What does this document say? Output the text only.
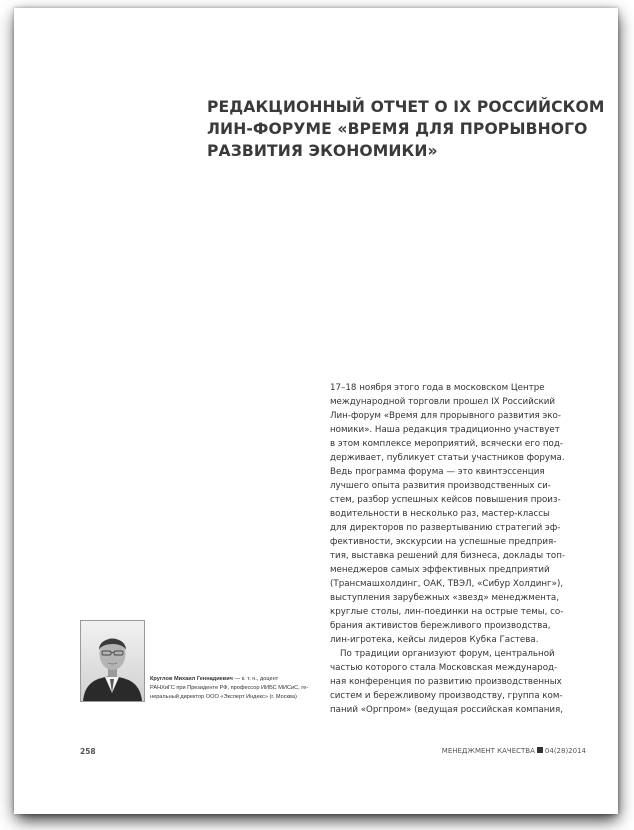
РЕДАКЦИОННЫЙ ОТЧЕТ О IX РОССИЙСКОМ
ЛИН-ФОРУМЕ «ВРЕМЯ ДЛЯ ПРОРЫВНОГО
РАЗВИТИЯ ЭКОНОМИКИ»
17–18 ноября этого года в московском Центре
международной торговли прошел IX Российский
Лин-форум «Время для прорывного развития эко-
номики». Наша редакция традиционно участвует
в этом комплексе мероприятий, всячески его под-
держивает, публикует статьи участников форума.
Ведь программа форума — это квинтэссенция
лучшего опыта развития производственных си-
стем, разбор успешных кейсов повышения произ-
водительности в несколько раз, мастер-классы
для директоров по развертыванию стратегий эф-
фективности, экскурсии на успешные предприя-
тия, выставка решений для бизнеса, доклады топ-
менеджеров самых эффективных предприятий
(Трансмашхолдинг, ОАК, ТВЭЛ, «Сибур Холдинг»),
выступления зарубежных «звезд» менеджмента,
круглые столы, лин-поединки на острые темы, со-
брания активистов бережливого производства,
лин-игротека, кейсы лидеров Кубка Гастева.
По традиции организуют форум, центральной
частью которого стала Московская международ-
ная конференция по развитию производственных
систем и бережливому производству, группа ком-
паний «Оргпром» (ведущая российская компания,
Круглов Михаил Геннадиевич — к. т. н., доцент
РАНХиГС при Президенте РФ, профессор ИИБС МИСиС, ге-
неральный директор ООО «Эксперт Индекс» (г. Москва)
258	МЕНЕДЖМЕНТ КАЧЕСТВА 04(28)2014
